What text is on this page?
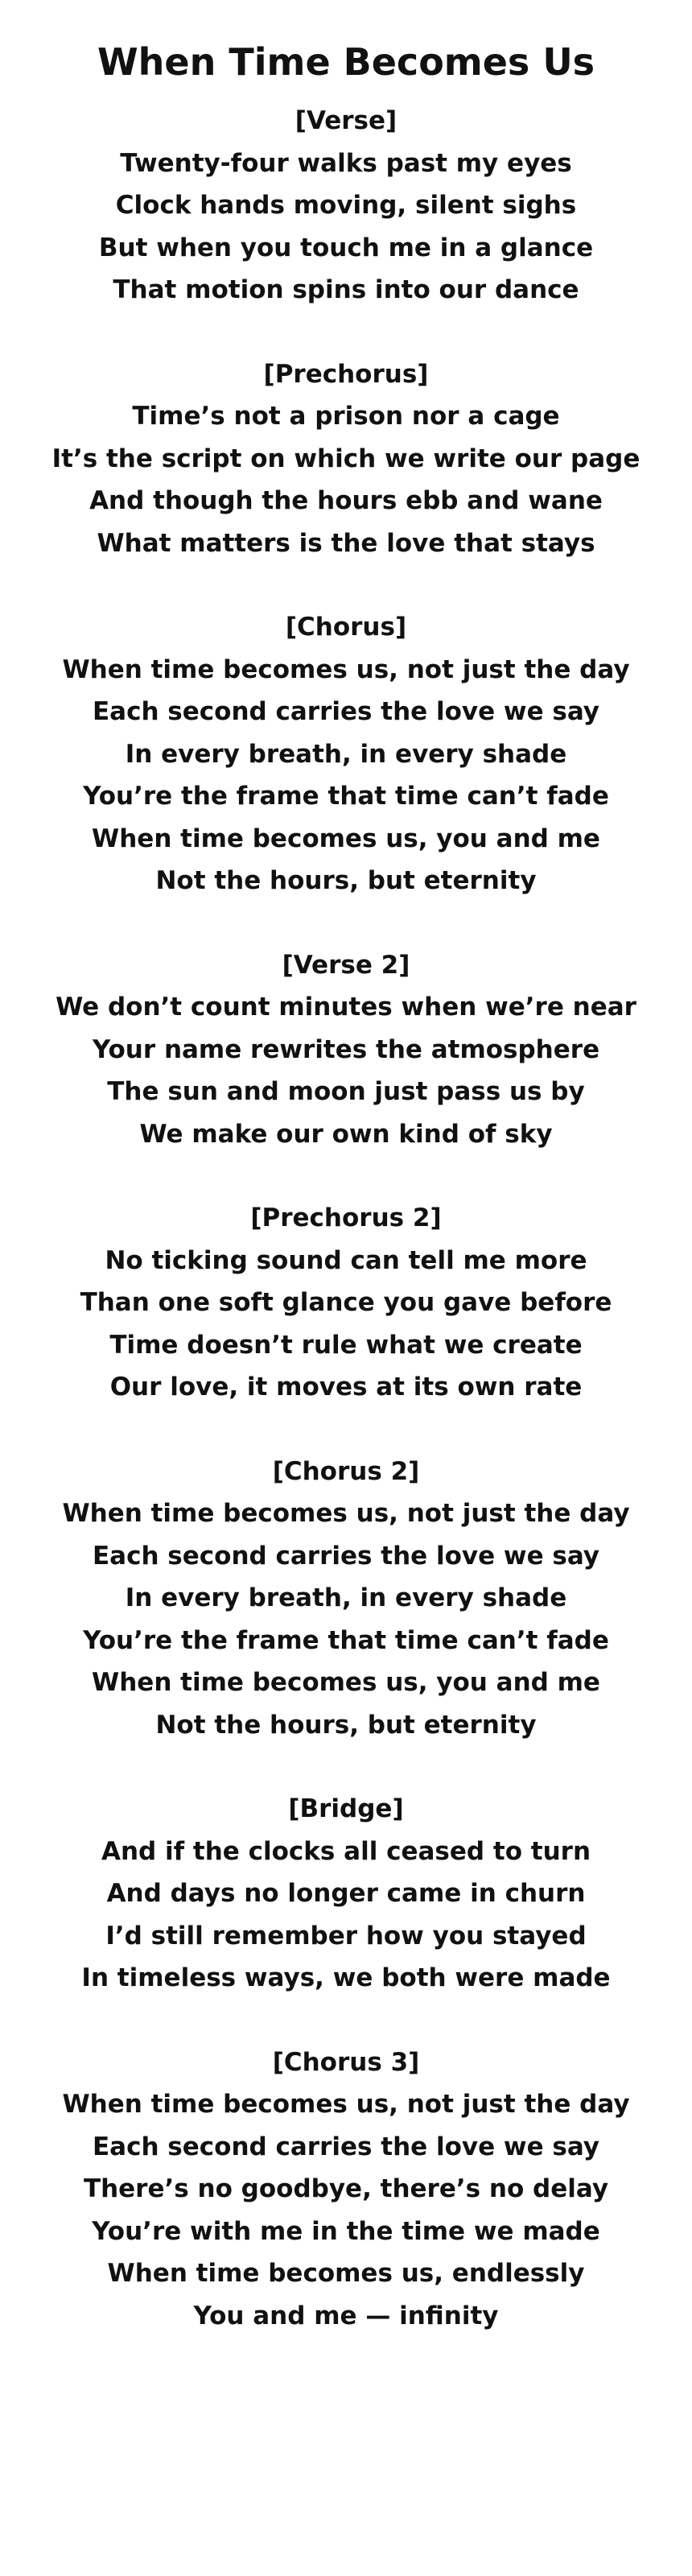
When Time Becomes Us

[Verse]

Twenty-four walks past my eyes

Clock hands moving, silent sighs

But when you touch me in a glance

That motion spins into our dance

[Prechorus]

Time’s not a prison nor a cage

It’s the script on which we write our page

And though the hours ebb and wane

What matters is the love that stays

[Chorus]

When time becomes us, not just the day

Each second carries the love we say

In every breath, in every shade

You’re the frame that time can’t fade

When time becomes us, you and me

Not the hours, but eternity

[Verse 2]

We don’t count minutes when we’re near

Your name rewrites the atmosphere

The sun and moon just pass us by

We make our own kind of sky

[Prechorus 2]

No ticking sound can tell me more

Than one soft glance you gave before

Time doesn’t rule what we create

Our love, it moves at its own rate

[Chorus 2]

When time becomes us, not just the day

Each second carries the love we say

In every breath, in every shade

You’re the frame that time can’t fade

When time becomes us, you and me

Not the hours, but eternity

[Bridge]

And if the clocks all ceased to turn

And days no longer came in churn

I’d still remember how you stayed

In timeless ways, we both were made

[Chorus 3]

When time becomes us, not just the day

Each second carries the love we say

There’s no goodbye, there’s no delay

You’re with me in the time we made

When time becomes us, endlessly

You and me — infinity
